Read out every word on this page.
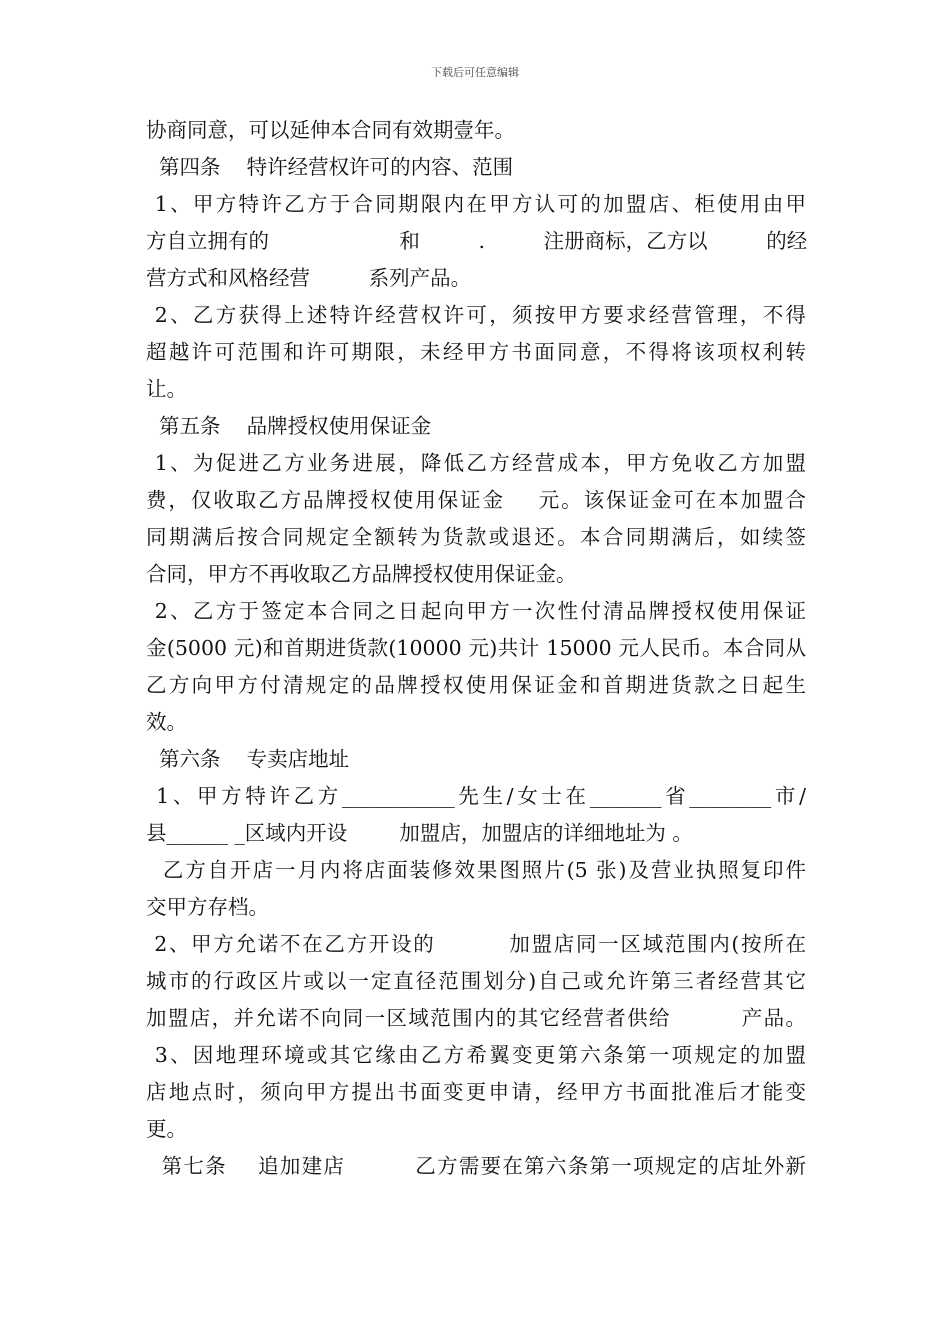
下载后可任意编辑
协商同意，可以延伸本合同有效期壹年。
第四条    特许经营权许可的内容、范围
1、甲方特许乙方于合同期限内在甲方认可的加盟店、柜使用由甲
方自立拥有的                    和         .         注册商标，乙方以         的经
营方式和风格经营         系列产品。
2、乙方获得上述特许经营权许可，须按甲方要求经营管理，不得
超越许可范围和许可期限，未经甲方书面同意，不得将该项权利转
让。
第五条    品牌授权使用保证金
1、为促进乙方业务进展，降低乙方经营成本，甲方免收乙方加盟
费，仅收取乙方品牌授权使用保证金    元。该保证金可在本加盟合
同期满后按合同规定全额转为货款或退还。本合同期满后，如续签
合同，甲方不再收取乙方品牌授权使用保证金。
2、乙方于签定本合同之日起向甲方一次性付清品牌授权使用保证
金(5000 元)和首期进货款(10000 元)共计 15000 元人民币。本合同从
乙方向甲方付清规定的品牌授权使用保证金和首期进货款之日起生
效。
第六条    专卖店地址
1、甲方特许乙方___________先生/女士在_______省________市/
县______ _区域内开设        加盟店，加盟店的详细地址为 。
乙方自开店一月内将店面装修效果图照片(5 张)及营业执照复印件
交甲方存档。
2、甲方允诺不在乙方开设的         加盟店同一区域范围内(按所在
城市的行政区片或以一定直径范围划分)自己或允许第三者经营其它
加盟店，并允诺不向同一区域范围内的其它经营者供给         产品。
3、因地理环境或其它缘由乙方希翼变更第六条第一项规定的加盟
店地点时，须向甲方提出书面变更申请，经甲方书面批准后才能变
更。
第七条    追加建店         乙方需要在第六条第一项规定的店址外新
